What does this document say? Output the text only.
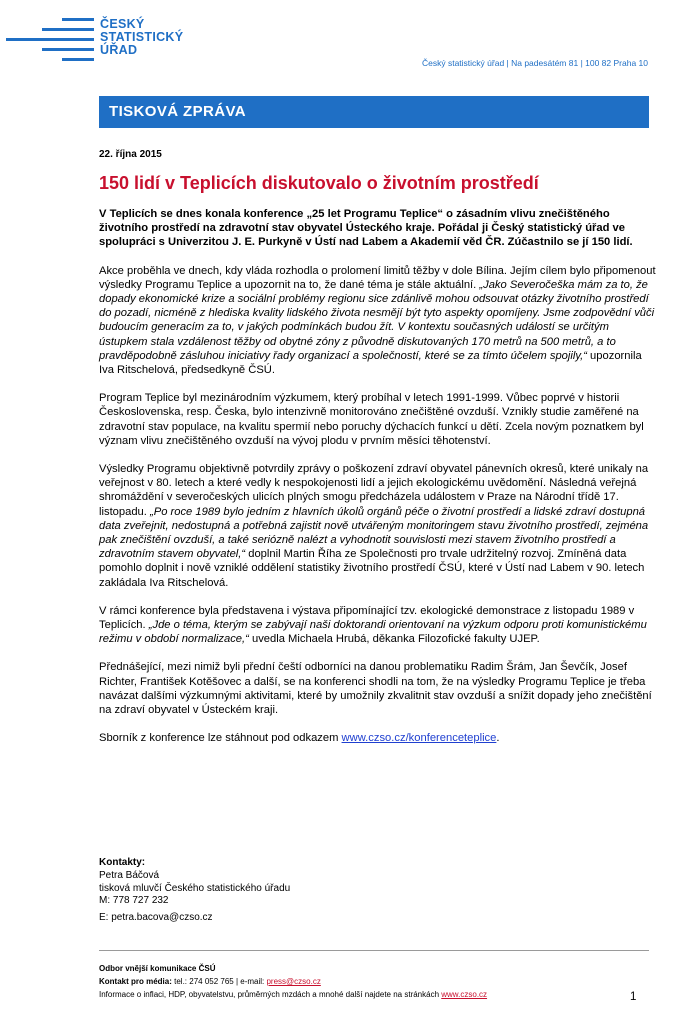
ČESKÝ
STATISTICKÝ
ÚŘAD
Český statistický úřad | Na padesátém 81 | 100 82 Praha 10
TISKOVÁ ZPRÁVA
22. října 2015
150 lidí v Teplicích diskutovalo o životním prostředí

V Teplicích se dnes konala konference „25 let Programu Teplice“ o zásadním vlivu znečištěného životního prostředí na zdravotní stav obyvatel Ústeckého kraje. Pořádal ji Český statistický úřad ve spolupráci s Univerzitou J. E. Purkyně v Ústí nad Labem a Akademií věd ČR. Zúčastnilo se jí 150 lidí.

Akce proběhla ve dnech, kdy vláda rozhodla o prolomení limitů těžby v dole Bílina. Jejím cílem bylo připomenout výsledky Programu Teplice a upozornit na to, že dané téma je stále aktuální. „Jako Severočeška mám za to, že dopady ekonomické krize a sociální problémy regionu sice zdánlivě mohou odsouvat otázky životního prostředí do pozadí, nicméně z hlediska kvality lidského života nesmějí být tyto aspekty opomíjeny. Jsme zodpovědní vůči budoucím generacím za to, v jakých podmínkách budou žít. V kontextu současných událostí se určitým ústupkem stala vzdálenost těžby od obytné zóny z původně diskutovaných 170 metrů na 500 metrů, a to pravděpodobně zásluhou iniciativy řady organizací a společností, které se za tímto účelem spojily,“ upozornila Iva Ritschelová, předsedkyně ČSÚ.

Program Teplice byl mezinárodním výzkumem, který probíhal v letech 1991-1999. Vůbec poprvé v historii Československa, resp. Česka, bylo intenzivně monitorováno znečištěné ovzduší. Vznikly studie zaměřené na zdravotní stav populace, na kvalitu spermií nebo poruchy dýchacích funkcí u dětí. Zcela novým poznatkem byl význam vlivu znečištěného ovzduší na vývoj plodu v prvním měsíci těhotenství.

Výsledky Programu objektivně potvrdily zprávy o poškození zdraví obyvatel pánevních okresů, které unikaly na veřejnost v 80. letech a které vedly k nespokojenosti lidí a jejich ekologickému uvědomění. Následná veřejná shromáždění v severočeských ulicích plných smogu předcházela událostem v Praze na Národní třídě 17. listopadu. „Po roce 1989 bylo jedním z hlavních úkolů orgánů péče o životní prostředí a lidské zdraví dostupná data zveřejnit, nedostupná a potřebná zajistit nově utvářeným monitoringem stavu životního prostředí, zejména pak znečištění ovzduší, a také seriózně nalézt a vyhodnotit souvislosti mezi stavem životního prostředí a zdravotním stavem obyvatel,“ doplnil Martin Říha ze Společnosti pro trvale udržitelný rozvoj. Zmíněná data pomohlo doplnit i nově vzniklé oddělení statistiky životního prostředí ČSÚ, které v Ústí nad Labem v 90. letech zakládala Iva Ritschelová.

V rámci konference byla představena i výstava připomínající tzv. ekologické demonstrace z listopadu 1989 v Teplicích. „Jde o téma, kterým se zabývají naši doktorandi orientovaní na výzkum odporu proti komunistickému režimu v období normalizace,“ uvedla Michaela Hrubá, děkanka Filozofické fakulty UJEP.

Přednášející, mezi nimiž byli přední čeští odborníci na danou problematiku Radim Šrám, Jan Ševčík, Josef Richter, František Kotěšovec a další, se na konferenci shodli na tom, že na výsledky Programu Teplice je třeba navázat dalšími výzkumnými aktivitami, které by umožnily zkvalitnit stav ovzduší a snížit dopady jeho znečištění na zdraví obyvatel v Ústeckém kraji.

Sborník z konference lze stáhnout pod odkazem www.czso.cz/konferenceteplice.

Kontakty:
Petra Báčová
tisková mluvčí Českého statistického úřadu
M: 778 727 232
E: petra.bacova@czso.cz
Odbor vnější komunikace ČSÚ
Kontakt pro média: tel.: 274 052 765 | e-mail: press@czso.cz
Informace o inflaci, HDP, obyvatelstvu, průměrných mzdách a mnohé další najdete na stránkách www.czso.cz	1
